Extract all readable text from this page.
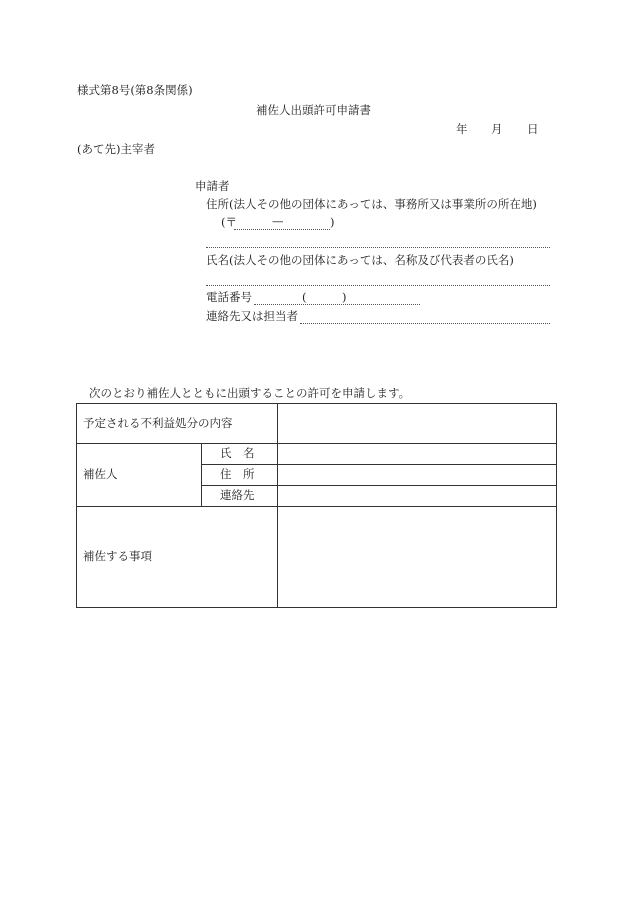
様式第8号(第8条関係)
補佐人出頭許可申請書
年 月 日
(あて先)主宰者
申請者
住所(法人その他の団体にあっては、事務所又は事業所の所在地)
(〒	—	)
氏名(法人その他の団体にあっては、名称及び代表者の氏名)
電話番号	(	)
連絡先又は担当者
次のとおり補佐人とともに出頭することの許可を申請します。
予定される不利益処分の内容		
補佐人	氏　名	
	住　所	
	連絡先	
補佐する事項		
